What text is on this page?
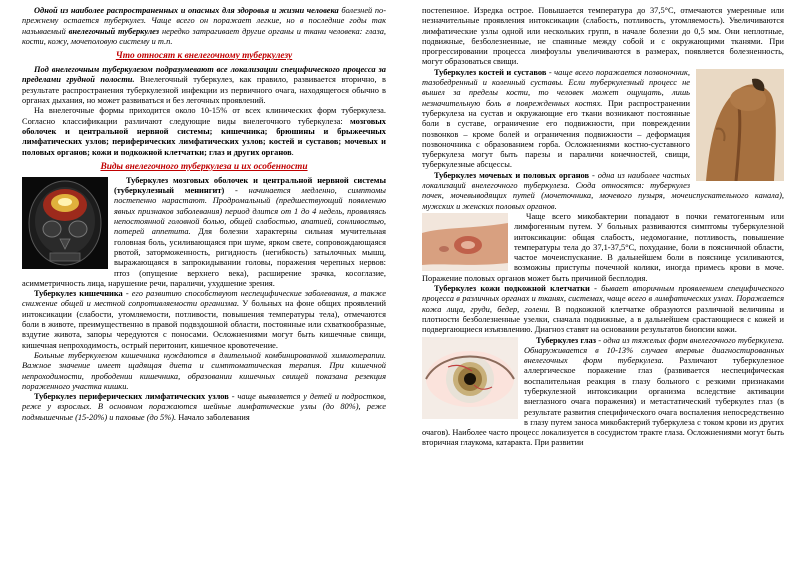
Одной из наиболее распространенных и опасных для здоровья и жизни человека болезней по-прежнему остается туберкулез. Чаще всего он поражает легкие, но в последние годы так называемый внелегочный туберкулез нередко затрагивает другие органы и ткани человека: глаза, кости, кожу, мочеполовую систему и т.п.

Что относят к внелегочному туберкулезу

Под внелегочным туберкулезом подразумевают все локализации специфического процесса за пределами грудной полости. Внелегочный туберкулез, как правило, развивается вторично, в результате распространения туберкулезной инфекции из первичного очага, находящегося обычно в органах дыхания, но может развиваться и без легочных проявлений.

На внелегочные формы приходится около 10-15% от всех клинических форм туберкулеза. Согласно классификации различают следующие виды внелегочного туберкулеза: мозговых оболочек и центральной нервной системы; кишечника; брюшины и брыжеечных лимфатических узлов; периферических лимфатических узлов; костей и суставов; мочевых и половых органов; кожи и подкожной клетчатки; глаз и других органов.

Виды внелегочного туберкулеза и их особенности

Туберкулез мозговых оболочек и центральной нервной системы (туберкулезный менингит) - начинается медленно, симптомы постепенно нарастают. Продромальный (предшествующий появлению явных признаков заболевания) период длится от 1 до 4 недель, проявляясь непостоянной головной болью, общей слабостью, апатией, сонливостью, потерей аппетита. Для болезни характерны сильная мучительная головная боль, усиливающаяся при шуме, ярком свете, сопровождающаяся рвотой, заторможенность, ригидность (негибкость) затылочных мышц, выражающаяся в запрокидывании головы, поражения черепных нервов: птоз (опущение верхнего века), расширение зрачка, косоглазие, асимметричность лица, нарушение речи, параличи, ухудшение зрения.

Туберкулез кишечника - его развитию способствуют неспецифические заболевания, а также снижение общей и местной сопротивляемости организма. У больных на фоне общих проявлений интоксикации (слабости, утомляемости, потливости, повышения температуры тела), отмечаются боли в животе, преимущественно в правой подвздошной области, постоянные или схваткообразные, вздутие живота, запоры чередуются с поносами. Осложнениями могут быть кишечные свищи, кишечная непроходимость, острый перитонит, кишечное кровотечение.

Больные туберкулезом кишечника нуждаются в длительной комбинированной химиотерапии. Важное значение имеет щадящая диета и симптоматическая терапия. При кишечной непроходимости, прободении кишечника, образовании кишечных свищей показана резекция пораженного участка кишки.

Туберкулез периферических лимфатических узлов - чаще выявляется у детей и подростков, реже у взрослых. В основном поражаются шейные лимфатические узлы (до 80%), реже подмышечные (15-20%) и паховые (до 5%). Начало заболевания

постепенное. Изредка острое. Повышается температура до 37,5°С, отмечаются умеренные или незначительные проявления интоксикации (слабость, потливость, утомляемость). Увеличиваются лимфатические узлы одной или нескольких групп, в начале болезни до 0,5 мм. Они неплотные, подвижные, безболезненные, не спаянные между собой и с окружающими тканями. При прогрессировании процесса лимфоузлы увеличиваются в размерах, появляется болезненность, могут образоваться свищи.

Туберкулез костей и суставов - чаще всего поражается позвоночник, тазобедренный и коленный суставы. Если туберкулезный процесс не вышел за пределы кости, то человек может ощущать, лишь незначительную боль в поврежденных костях. При распространении туберкулеза на сустав и окружающие его ткани возникают постоянные боли в суставе, ограничение его подвижности, при повреждении позвонков – кроме болей и ограничения подвижности – деформация позвоночника с образованием горба. Осложнениями костно-суставного туберкулеза могут быть парезы и параличи конечностей, свищи, туберкулезные абсцессы.

Туберкулез мочевых и половых органов - одна из наиболее частых локализаций внелегочного туберкулеза. Сюда относятся: туберкулез почек, мочевыводящих путей (мочеточника, мочевого пузыря, мочеиспускательного канала), мужских и женских половых органов.

Чаще всего микобактерии попадают в почки гематогенным или лимфогенным путем. У больных развиваются симптомы туберкулезной интоксикации: общая слабость, недомогание, потливость, повышение температуры тела до 37,1-37,5°С, похудание, боли в поясничной области, частое мочеиспускание. В дальнейшем боли в пояснице усиливаются, возможны приступы почечной колики, иногда примесь крови в моче. Поражение половых органов может быть причиной бесплодия.

Туберкулез кожи подкожной клетчатки - бывает вторичным проявлением специфического процесса в различных органах и тканях, системах, чаще всего в лимфатических узлах. Поражается кожа лица, груди, бедер, голени. В подкожной клетчатке образуются различной величины и плотности безболезненные узелки, сначала подвижные, а в дальнейшем срастающиеся с кожей и подвергающиеся изъязвлению. Диагноз ставят на основании результатов биопсии кожи.

Туберкулез глаз - одна из тяжелых форм внелегочного туберкулеза. Обнаруживается в 10-13% случаев впервые диагностированных внелегочных форм туберкулеза. Различают туберкулезное аллергическое поражение глаз (развивается неспецифическая воспалительная реакция в глазу больного с резкими признаками туберкулезной интоксикации организма вследствие активации внеглазного очага поражения) и метастатический туберкулез глаз (в результате развития специфического очага воспаления непосредственно в глазу путем заноса микобактерий туберкулеза с током крови из других очагов). Наиболее часто процесс локализуется в сосудистом тракте глаза. Осложнениями могут быть вторичная глаукома, катаракта. При развитии
